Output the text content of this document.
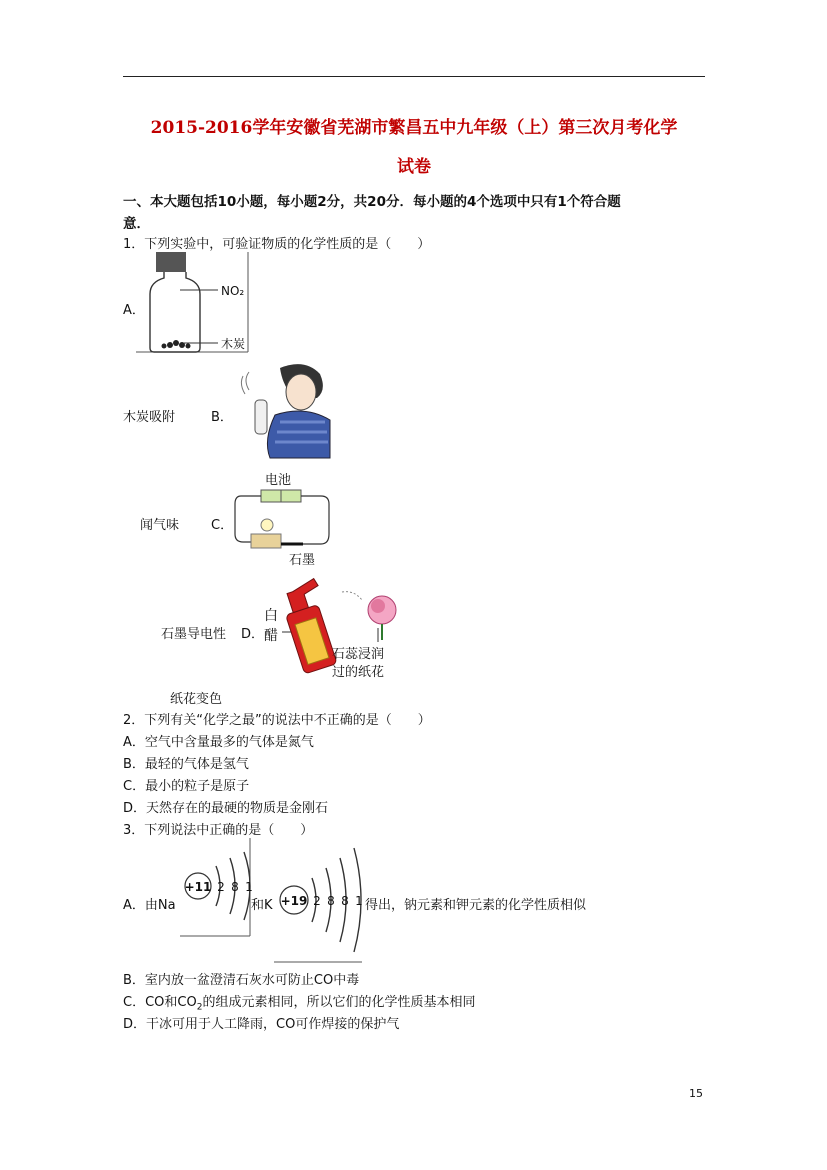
2015-2016学年安徽省芜湖市繁昌五中九年级（上）第三次月考化学
试卷
一、本大题包括10小题，每小题2分，共20分．每小题的4个选项中只有1个符合题
意．
1．下列实验中，可验证物质的化学性质的是（　　）
A．
NO₂
木炭
木炭吸附	B．
闻气味 C．
电池
石墨
石墨导电性 D．
白
醋
石蕊浸润
过的纸花
纸花变色
2．下列有关“化学之最”的说法中不正确的是（　　）
A．空气中含量最多的气体是氮气
B．最轻的气体是氢气
C．最小的粒子是原子
D．天然存在的最硬的物质是金刚石
3．下列说法中正确的是（　　）
A．由Na
+11 2 8 1
和K +19 2 8 8 1 得出，钠元素和钾元素的化学性质相似
B．室内放一盆澄清石灰水可防止CO中毒
C．CO和$CO_2$的组成元素相同，所以它们的化学性质基本相同
D．干冰可用于人工降雨，CO可作焊接的保护气
15
